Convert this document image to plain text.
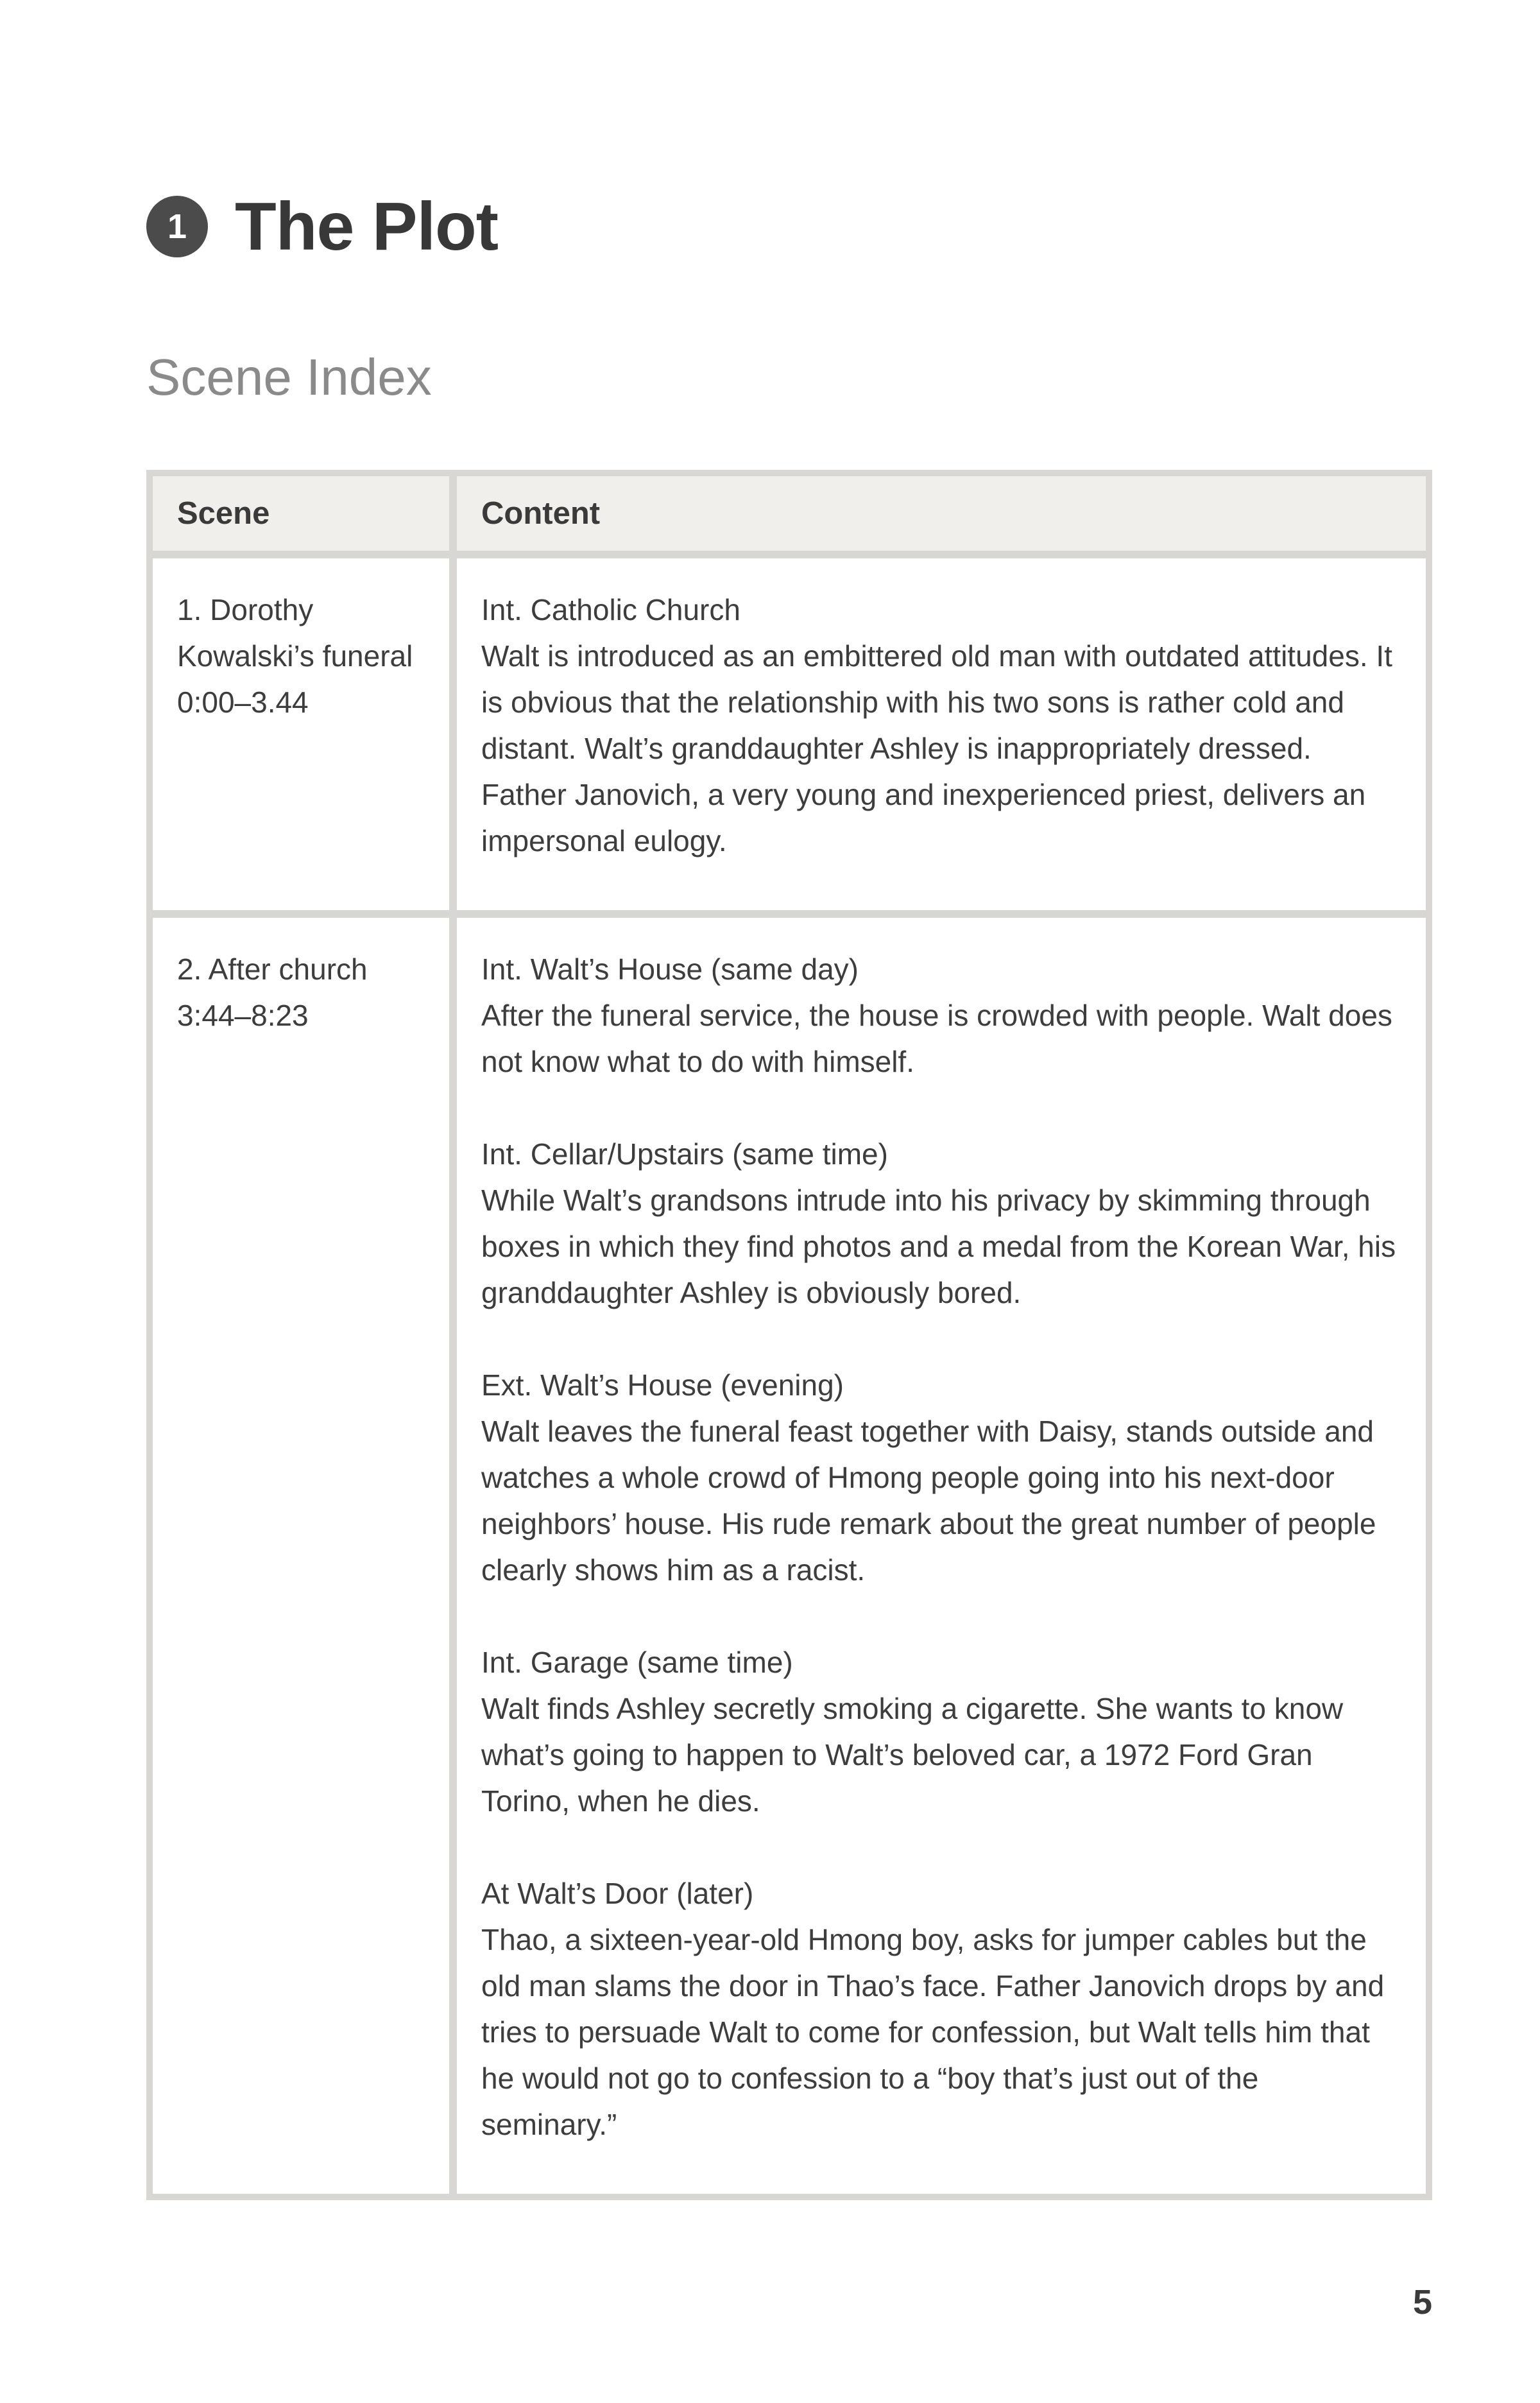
1 The Plot
Scene Index
Scene	Content
1. Dorothy Kowalski’s funeral
0:00–3.44
Int. Catholic Church
Walt is introduced as an embittered old man with outdated attitudes. It is obvious that the relationship with his two sons is rather cold and distant. Walt’s granddaughter Ashley is inappropriately dressed. Father Janovich, a very young and inexperienced priest, delivers an impersonal eulogy.
2. After church
3:44–8:23
Int. Walt’s House (same day)
After the funeral service, the house is crowded with people. Walt does not know what to do with himself.
Int. Cellar/Upstairs (same time)
While Walt’s grandsons intrude into his privacy by skimming through boxes in which they find photos and a medal from the Korean War, his granddaughter Ashley is obviously bored.
Ext. Walt’s House (evening)
Walt leaves the funeral feast together with Daisy, stands outside and watches a whole crowd of Hmong people going into his next-door neighbors’ house. His rude remark about the great number of people clearly shows him as a racist.
Int. Garage (same time)
Walt finds Ashley secretly smoking a cigarette. She wants to know what’s going to happen to Walt’s beloved car, a 1972 Ford Gran Torino, when he dies.
At Walt’s Door (later)
Thao, a sixteen-year-old Hmong boy, asks for jumper cables but the old man slams the door in Thao’s face. Father Janovich drops by and tries to persuade Walt to come for confession, but Walt tells him that he would not go to confession to a “boy that’s just out of the seminary.”
5
